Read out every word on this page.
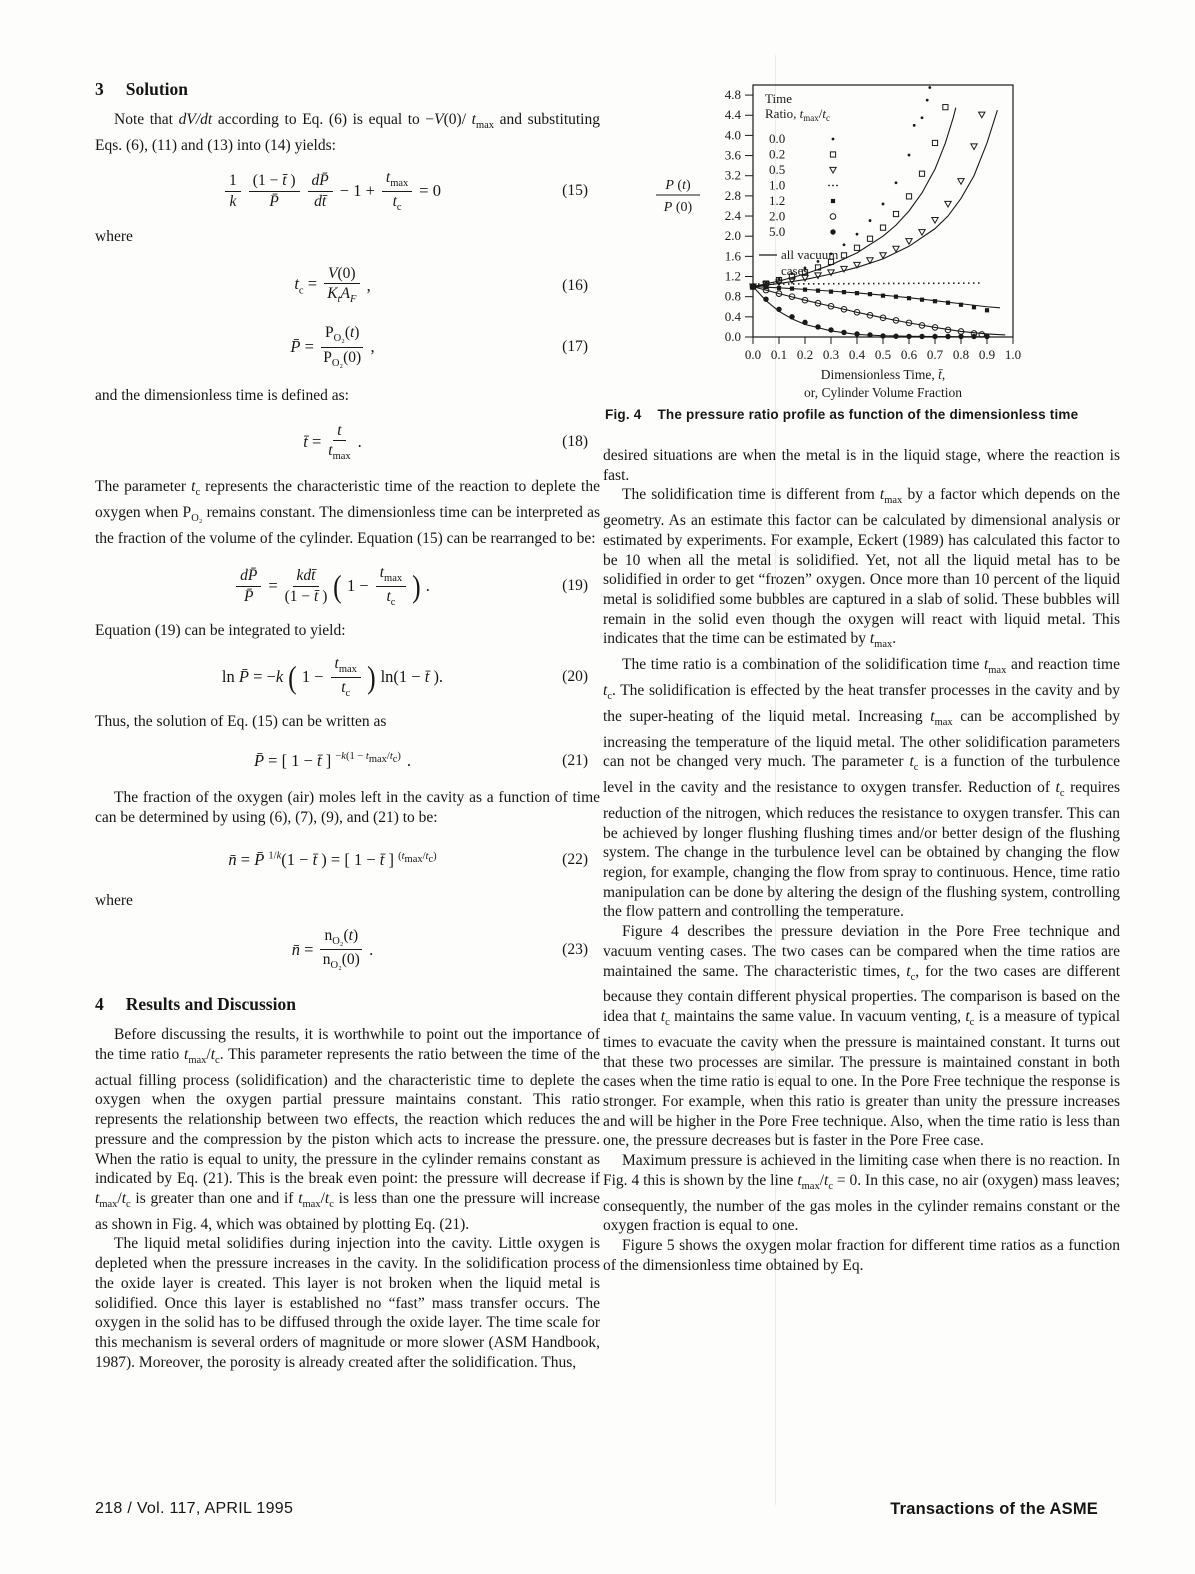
3 Solution

Note that dV/dt according to Eq. (6) is equal to −V(0)/ $t_{max}$ and substituting Eqs. (6), (11) and (13) into (14) yields:

$\frac{1}{k} \frac{(1 - t̄ )}{P̄} \frac{dP̄}{dt̄} - 1 + \frac{t_{max}}{t_c} = 0$	(15)

where

$t_c = \frac{V(0)}{K_tA_F}$ ,	(16)
P̄ = $\frac{P_{O_2}(t)}{P_{O_2}(0)}$ ,	(17)

and the dimensionless time is defined as:

t̄ = $\frac{t}{t_{max}}$ .	(18)

The parameter $t_c$ represents the characteristic time of the reaction to deplete the oxygen when $P_{O_2}$ remains constant. The dimensionless time can be interpreted as the fraction of the volume of the cylinder. Equation (15) can be rearranged to be:

$\frac{dP̄}{P̄} = \frac{\text{kdt̄}}{(1 - t̄ )}$ ( $1 - \frac{t_{max}}{t_c}$ ) .	(19)

Equation (19) can be integrated to yield:

ln P̄ = −k ( $1 - \frac{t_{max}}{t_c}$ ) ln(1 − t̄ ).	(20)

Thus, the solution of Eq. (15) can be written as

P̄ = [ 1 − t̄ ] $^{-k(1 - t_{max}/t_c)}$ .	(21)

The fraction of the oxygen (air) moles left in the cavity as a function of time can be determined by using (6), (7), (9), and (21) to be:

n̄ = P̄ $^{1/k}$(1 − t̄ ) = [ 1 − t̄ ] $^{(t_{max}/t_c)}$	(22)

where

n̄ = $\frac{n_{O_2}(t)}{n_{O_2}(0)}$ .	(23)
4 Results and Discussion

Before discussing the results, it is worthwhile to point out the importance of the time ratio $t_{max}/t_c$. This parameter represents the ratio between the time of the actual filling process (solidification) and the characteristic time to deplete the oxygen when the oxygen partial pressure maintains constant. This ratio represents the relationship between two effects, the reaction which reduces the pressure and the compression by the piston which acts to increase the pressure. When the ratio is equal to unity, the pressure in the cylinder remains constant as indicated by Eq. (21). This is the break even point: the pressure will decrease if $t_{max}/t_c$ is greater than one and if $t_{max}/t_c$ is less than one the pressure will increase as shown in Fig. 4, which was obtained by plotting Eq. (21).

The liquid metal solidifies during injection into the cavity. Little oxygen is depleted when the pressure increases in the cavity. In the solidification process the oxide layer is created. This layer is not broken when the liquid metal is solidified. Once this layer is established no “fast” mass transfer occurs. The oxygen in the solid has to be diffused through the oxide layer. The time scale for this mechanism is several orders of magnitude or more slower (ASM Handbook, 1987). Moreover, the porosity is already created after the solidification. Thus,

0.0
0.4
0.8
1.2
1.6
2.0
2.4
2.8
3.2
3.6
4.0
4.4
4.8
0.0 0.1 0.2 0.3 0.4 0.5 0.6 0.7 0.8 0.9 1.0
Dimensionless Time, t̄,
or, Cylinder Volume Fraction
P (t)
P (0)
Time
Ratio, $t_{max}/t_c$
0.0
0.2
0.5
1.0
1.2
2.0
5.0
all vacuum
cases
Fig. 4 The pressure ratio profile as function of the dimensionless time

desired situations are when the metal is in the liquid stage, where the reaction is fast.

The solidification time is different from $t_{max}$ by a factor which depends on the geometry. As an estimate this factor can be calculated by dimensional analysis or estimated by experiments. For example, Eckert (1989) has calculated this factor to be 10 when all the metal is solidified. Yet, not all the liquid metal has to be solidified in order to get “frozen” oxygen. Once more than 10 percent of the liquid metal is solidified some bubbles are captured in a slab of solid. These bubbles will remain in the solid even though the oxygen will react with liquid metal. This indicates that the time can be estimated by $t_{max}$.

The time ratio is a combination of the solidification time $t_{max}$ and reaction time $t_c$. The solidification is effected by the heat transfer processes in the cavity and by the super-heating of the liquid metal. Increasing $t_{max}$ can be accomplished by increasing the temperature of the liquid metal. The other solidification parameters can not be changed very much. The parameter $t_c$ is a function of the turbulence level in the cavity and the resistance to oxygen transfer. Reduction of $t_c$ requires reduction of the nitrogen, which reduces the resistance to oxygen transfer. This can be achieved by longer flushing flushing times and/or better design of the flushing system. The change in the turbulence level can be obtained by changing the flow region, for example, changing the flow from spray to continuous. Hence, time ratio manipulation can be done by altering the design of the flushing system, controlling the flow pattern and controlling the temperature.

Figure 4 describes the pressure deviation in the Pore Free technique and vacuum venting cases. The two cases can be compared when the time ratios are maintained the same. The characteristic times, $t_c$, for the two cases are different because they contain different physical properties. The comparison is based on the idea that $t_c$ maintains the same value. In vacuum venting, $t_c$ is a measure of typical times to evacuate the cavity when the pressure is maintained constant. It turns out that these two processes are similar. The pressure is maintained constant in both cases when the time ratio is equal to one. In the Pore Free technique the response is stronger. For example, when this ratio is greater than unity the pressure increases and will be higher in the Pore Free technique. Also, when the time ratio is less than one, the pressure decreases but is faster in the Pore Free case.

Maximum pressure is achieved in the limiting case when there is no reaction. In Fig. 4 this is shown by the line $t_{max}/t_c = 0$. In this case, no air (oxygen) mass leaves; consequently, the number of the gas moles in the cylinder remains constant or the oxygen fraction is equal to one.

Figure 5 shows the oxygen molar fraction for different time ratios as a function of the dimensionless time obtained by Eq.

218 / Vol. 117, APRIL 1995	Transactions of the ASME
